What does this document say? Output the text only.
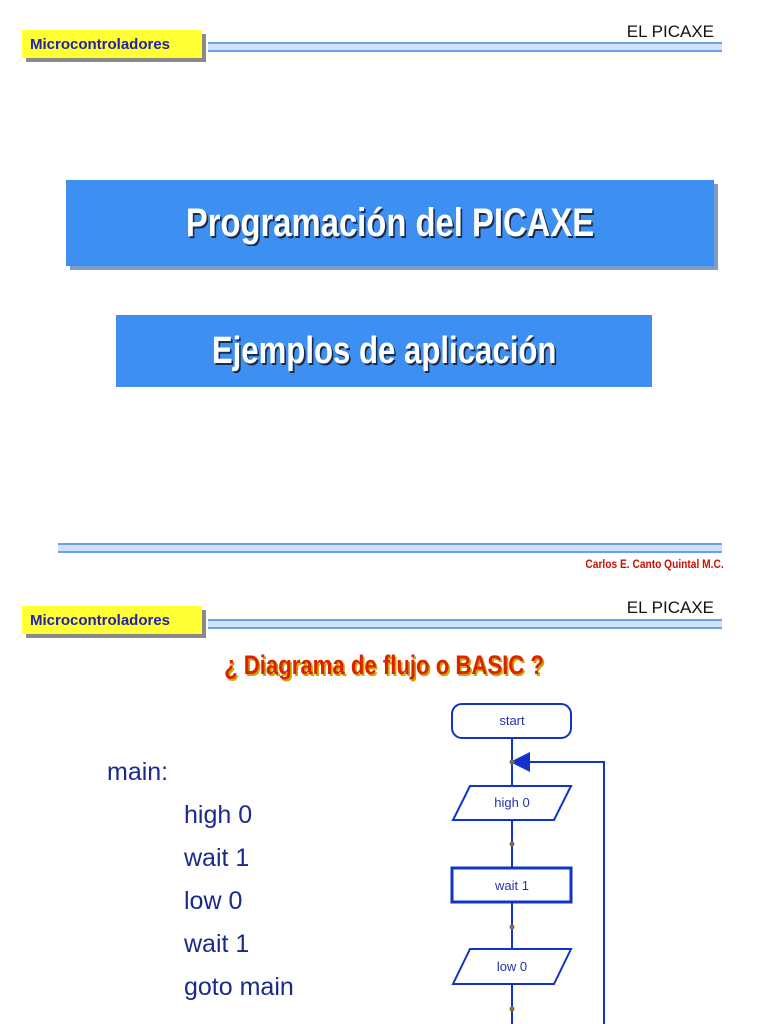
Microcontroladores
EL PICAXE
Programación del PICAXE
Ejemplos de aplicación
Carlos E. Canto Quintal M.C.
Microcontroladores
EL PICAXE
¿ Diagrama de flujo o BASIC ?
main:
high 0
wait 1
low 0
wait 1
goto main
start
high 0
wait 1
low 0
